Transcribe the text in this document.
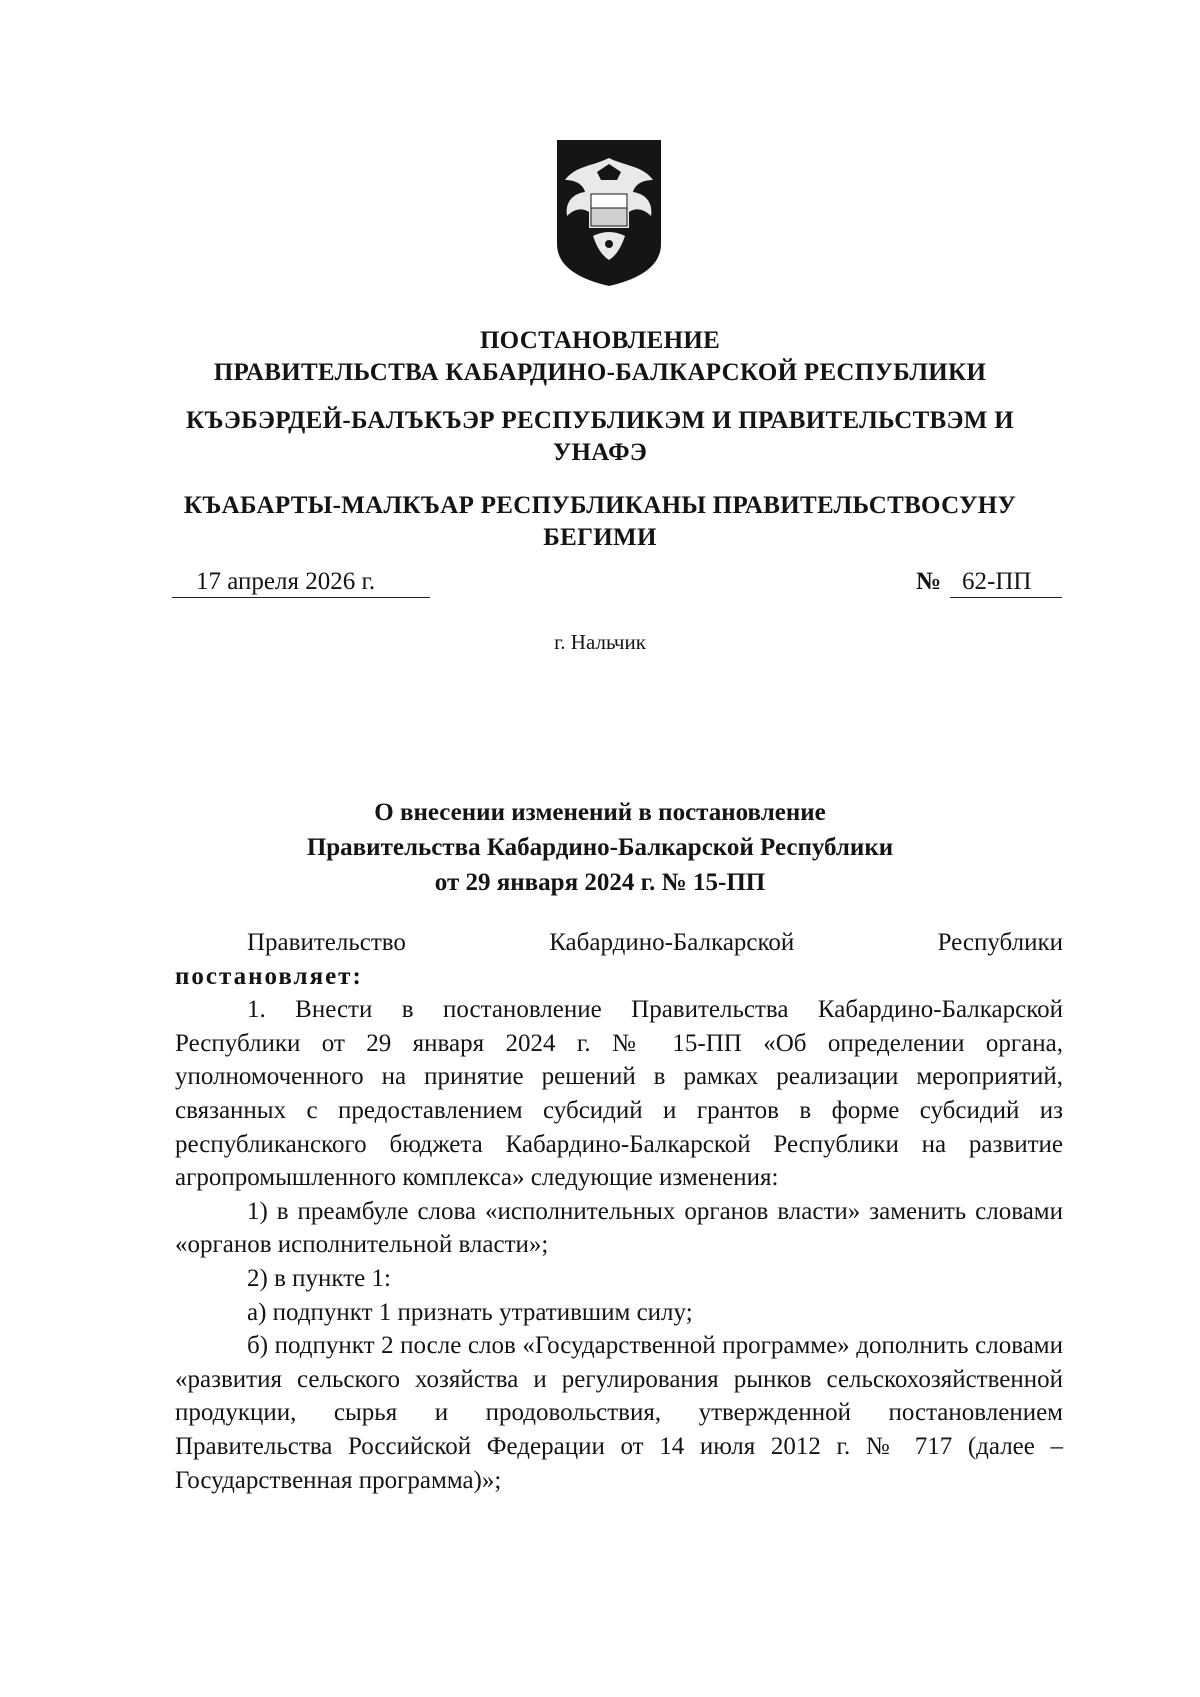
ПОСТАНОВЛЕНИЕ
ПРАВИТЕЛЬСТВА КАБАРДИНО-БАЛКАРСКОЙ РЕСПУБЛИКИ
КЪЭБЭРДЕЙ-БАЛЪКЪЭР РЕСПУБЛИКЭМ И ПРАВИТЕЛЬСТВЭМ И
УНАФЭ
КЪАБАРТЫ-МАЛКЪАР РЕСПУБЛИКАНЫ ПРАВИТЕЛЬСТВОСУНУ
БЕГИМИ
17 апреля 2026 г.	№ 62-ПП
г. Нальчик
О внесении изменений в постановление
Правительства Кабардино-Балкарской Республики
от 29 января 2024 г. № 15-ПП
Правительство	Кабардино-Балкарской	Республики
постановляет:

1. Внести в постановление Правительства Кабардино-Балкарской Республики от 29 января 2024 г. № 15-ПП «Об определении органа, уполномоченного на принятие решений в рамках реализации мероприятий, связанных с предоставлением субсидий и грантов в форме субсидий из республиканского бюджета Кабардино-Балкарской Республики на развитие агропромышленного комплекса» следующие изменения:

1) в преамбуле слова «исполнительных органов власти» заменить словами «органов исполнительной власти»;

2) в пункте 1:

а) подпункт 1 признать утратившим силу;

б) подпункт 2 после слов «Государственной программе» дополнить словами «развития сельского хозяйства и регулирования рынков сельскохозяйственной продукции, сырья и продовольствия, утвержденной постановлением Правительства Российской Федерации от 14 июля 2012 г. № 717 (далее – Государственная программа)»;
